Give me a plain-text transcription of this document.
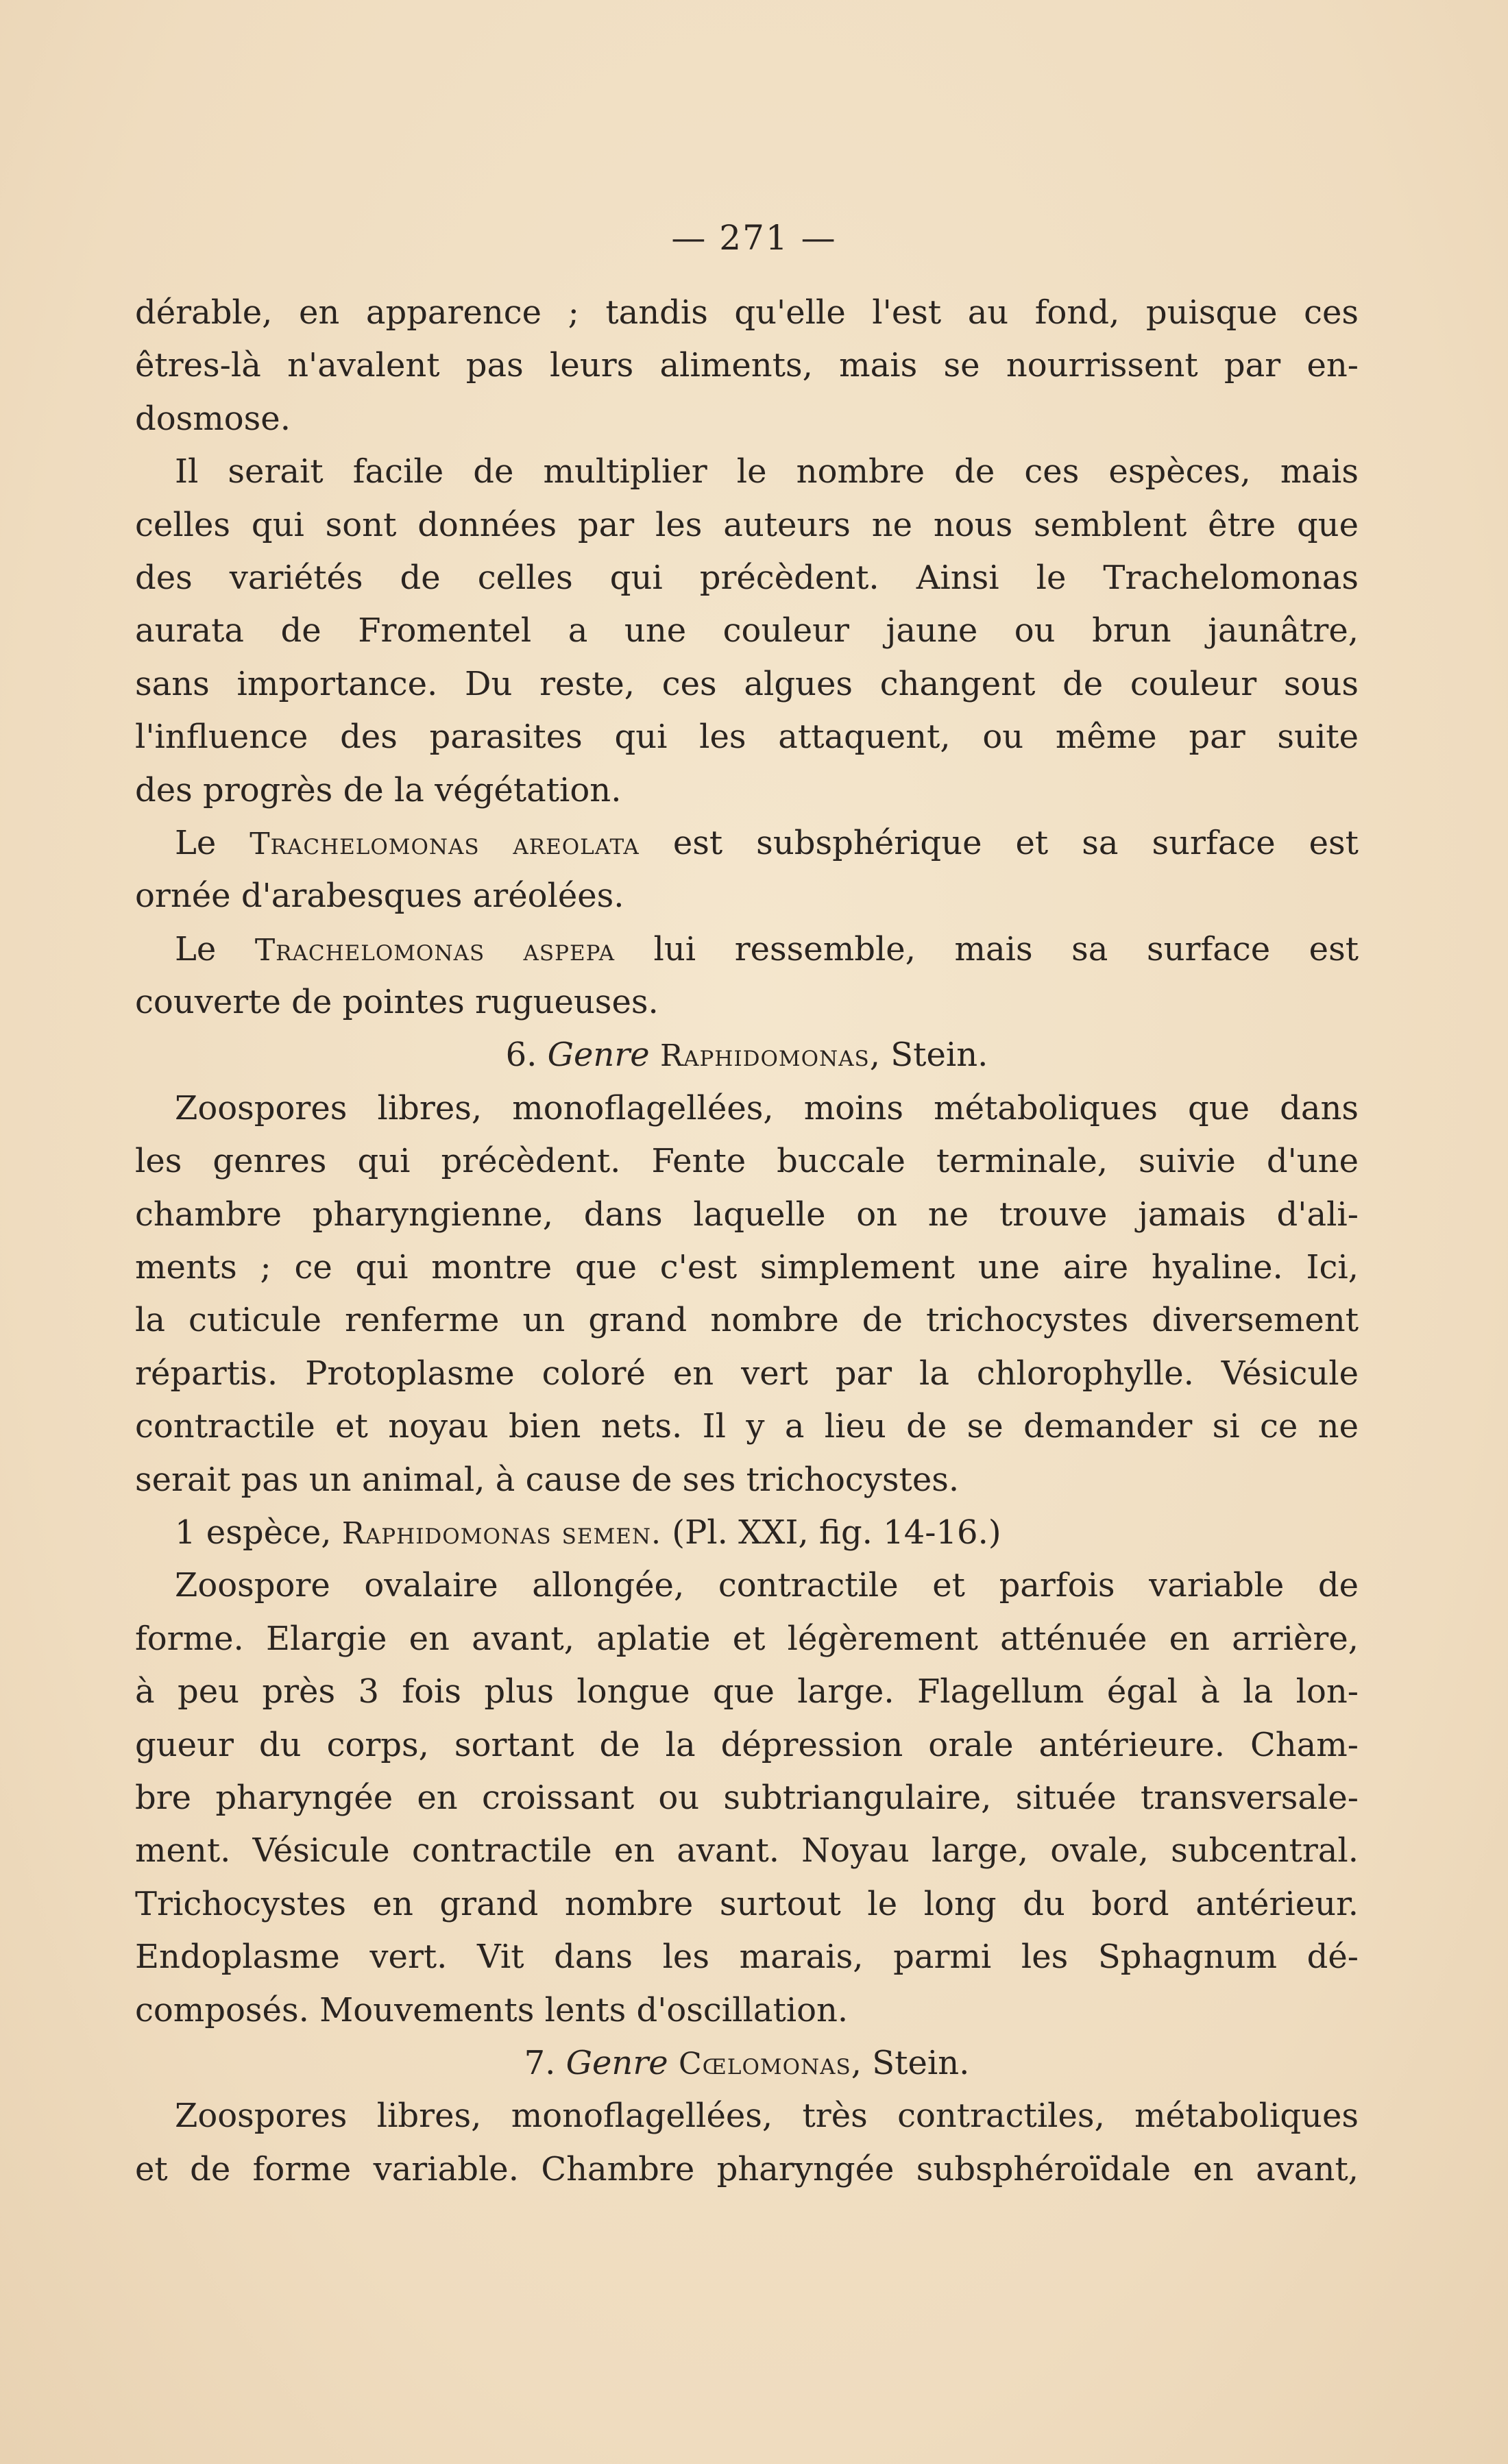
— 271 —
dérable, en apparence ; tandis qu'elle l'est au fond, puisque ces
êtres-là n'avalent pas leurs aliments, mais se nourrissent par en-
dosmose.
Il serait facile de multiplier le nombre de ces espèces, mais
celles qui sont données par les auteurs ne nous semblent être que
des variétés de celles qui précèdent. Ainsi le Trachelomonas
aurata de Fromentel a une couleur jaune ou brun jaunâtre,
sans importance. Du reste, ces algues changent de couleur sous
l'influence des parasites qui les attaquent, ou même par suite
des progrès de la végétation.
Le Trachelomonas areolata est subsphérique et sa surface est
ornée d'arabesques aréolées.
Le Trachelomonas aspepa lui ressemble, mais sa surface est
couverte de pointes rugueuses.
6. Genre Raphidomonas, Stein.
Zoospores libres, monoflagellées, moins métaboliques que dans
les genres qui précèdent. Fente buccale terminale, suivie d'une
chambre pharyngienne, dans laquelle on ne trouve jamais d'ali-
ments ; ce qui montre que c'est simplement une aire hyaline. Ici,
la cuticule renferme un grand nombre de trichocystes diversement
répartis. Protoplasme coloré en vert par la chlorophylle. Vésicule
contractile et noyau bien nets. Il y a lieu de se demander si ce ne
serait pas un animal, à cause de ses trichocystes.
1 espèce, Raphidomonas semen. (Pl. XXI, fig. 14-16.)
Zoospore ovalaire allongée, contractile et parfois variable de
forme. Elargie en avant, aplatie et légèrement atténuée en arrière,
à peu près 3 fois plus longue que large. Flagellum égal à la lon-
gueur du corps, sortant de la dépression orale antérieure. Cham-
bre pharyngée en croissant ou subtriangulaire, située transversale-
ment. Vésicule contractile en avant. Noyau large, ovale, subcentral.
Trichocystes en grand nombre surtout le long du bord antérieur.
Endoplasme vert. Vit dans les marais, parmi les Sphagnum dé-
composés. Mouvements lents d'oscillation.
7. Genre Cœlomonas, Stein.
Zoospores libres, monoflagellées, très contractiles, métaboliques
et de forme variable. Chambre pharyngée subsphéroïdale en avant,
